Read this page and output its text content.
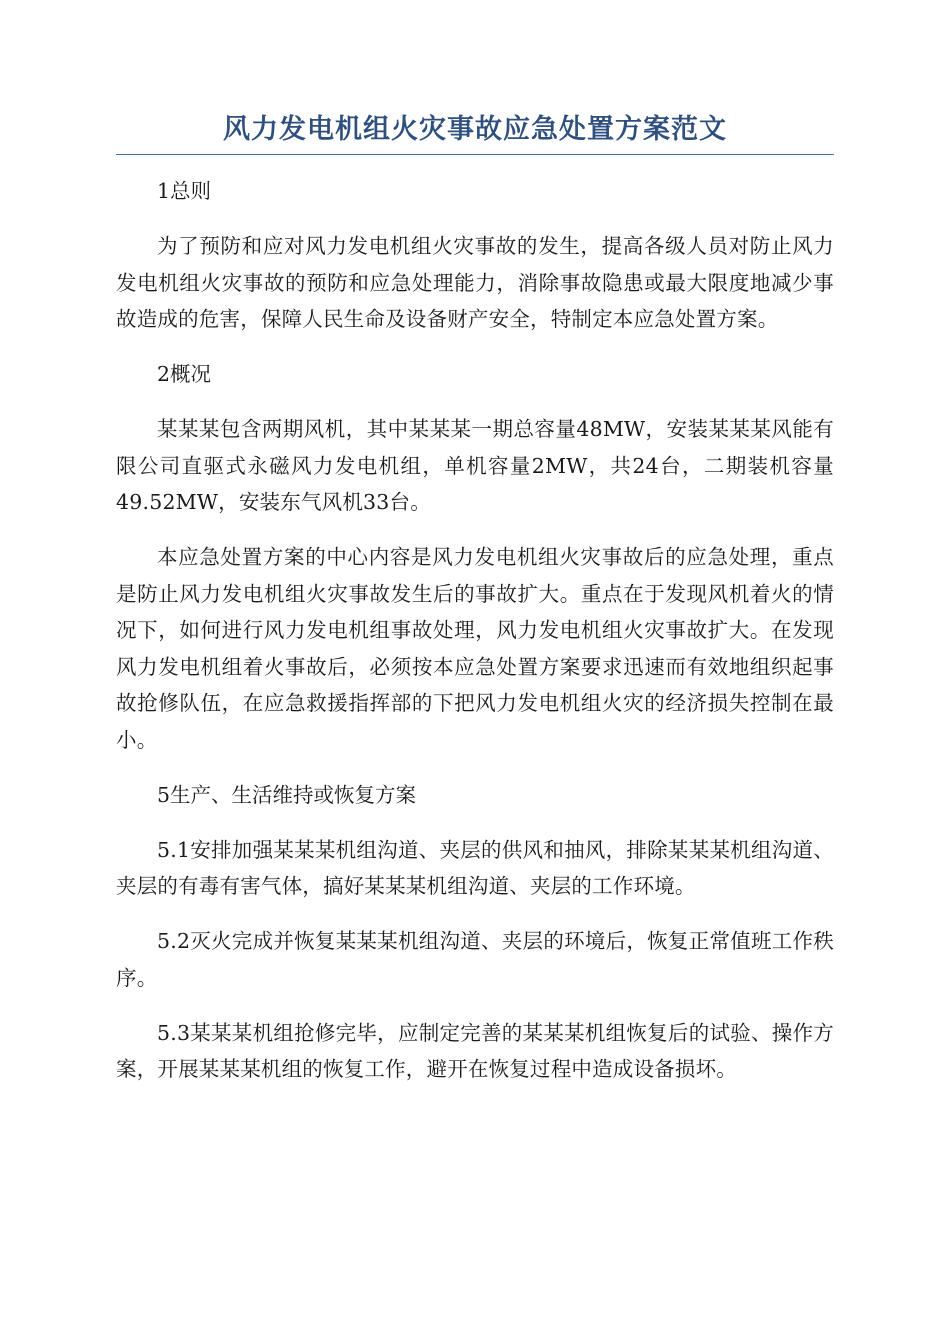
风力发电机组火灾事故应急处置方案范文

1总则

为了预防和应对风力发电机组火灾事故的发生，提高各级人员对防止风力发电机组火灾事故的预防和应急处理能力，消除事故隐患或最大限度地减少事故造成的危害，保障人民生命及设备财产安全，特制定本应急处置方案。

2概况

某某某包含两期风机，其中某某某一期总容量48MW，安装某某某风能有限公司直驱式永磁风力发电机组，单机容量2MW，共24台，二期装机容量49.52MW，安装东气风机33台。

本应急处置方案的中心内容是风力发电机组火灾事故后的应急处理，重点是防止风力发电机组火灾事故发生后的事故扩大。重点在于发现风机着火的情况下，如何进行风力发电机组事故处理，风力发电机组火灾事故扩大。在发现风力发电机组着火事故后，必须按本应急处置方案要求迅速而有效地组织起事故抢修队伍，在应急救援指挥部的下把风力发电机组火灾的经济损失控制在最小。

5生产、生活维持或恢复方案

5.1安排加强某某某机组沟道、夹层的供风和抽风，排除某某某机组沟道、夹层的有毒有害气体，搞好某某某机组沟道、夹层的工作环境。

5.2灭火完成并恢复某某某机组沟道、夹层的环境后，恢复正常值班工作秩序。

5.3某某某机组抢修完毕，应制定完善的某某某机组恢复后的试验、操作方案，开展某某某机组的恢复工作，避开在恢复过程中造成设备损坏。
